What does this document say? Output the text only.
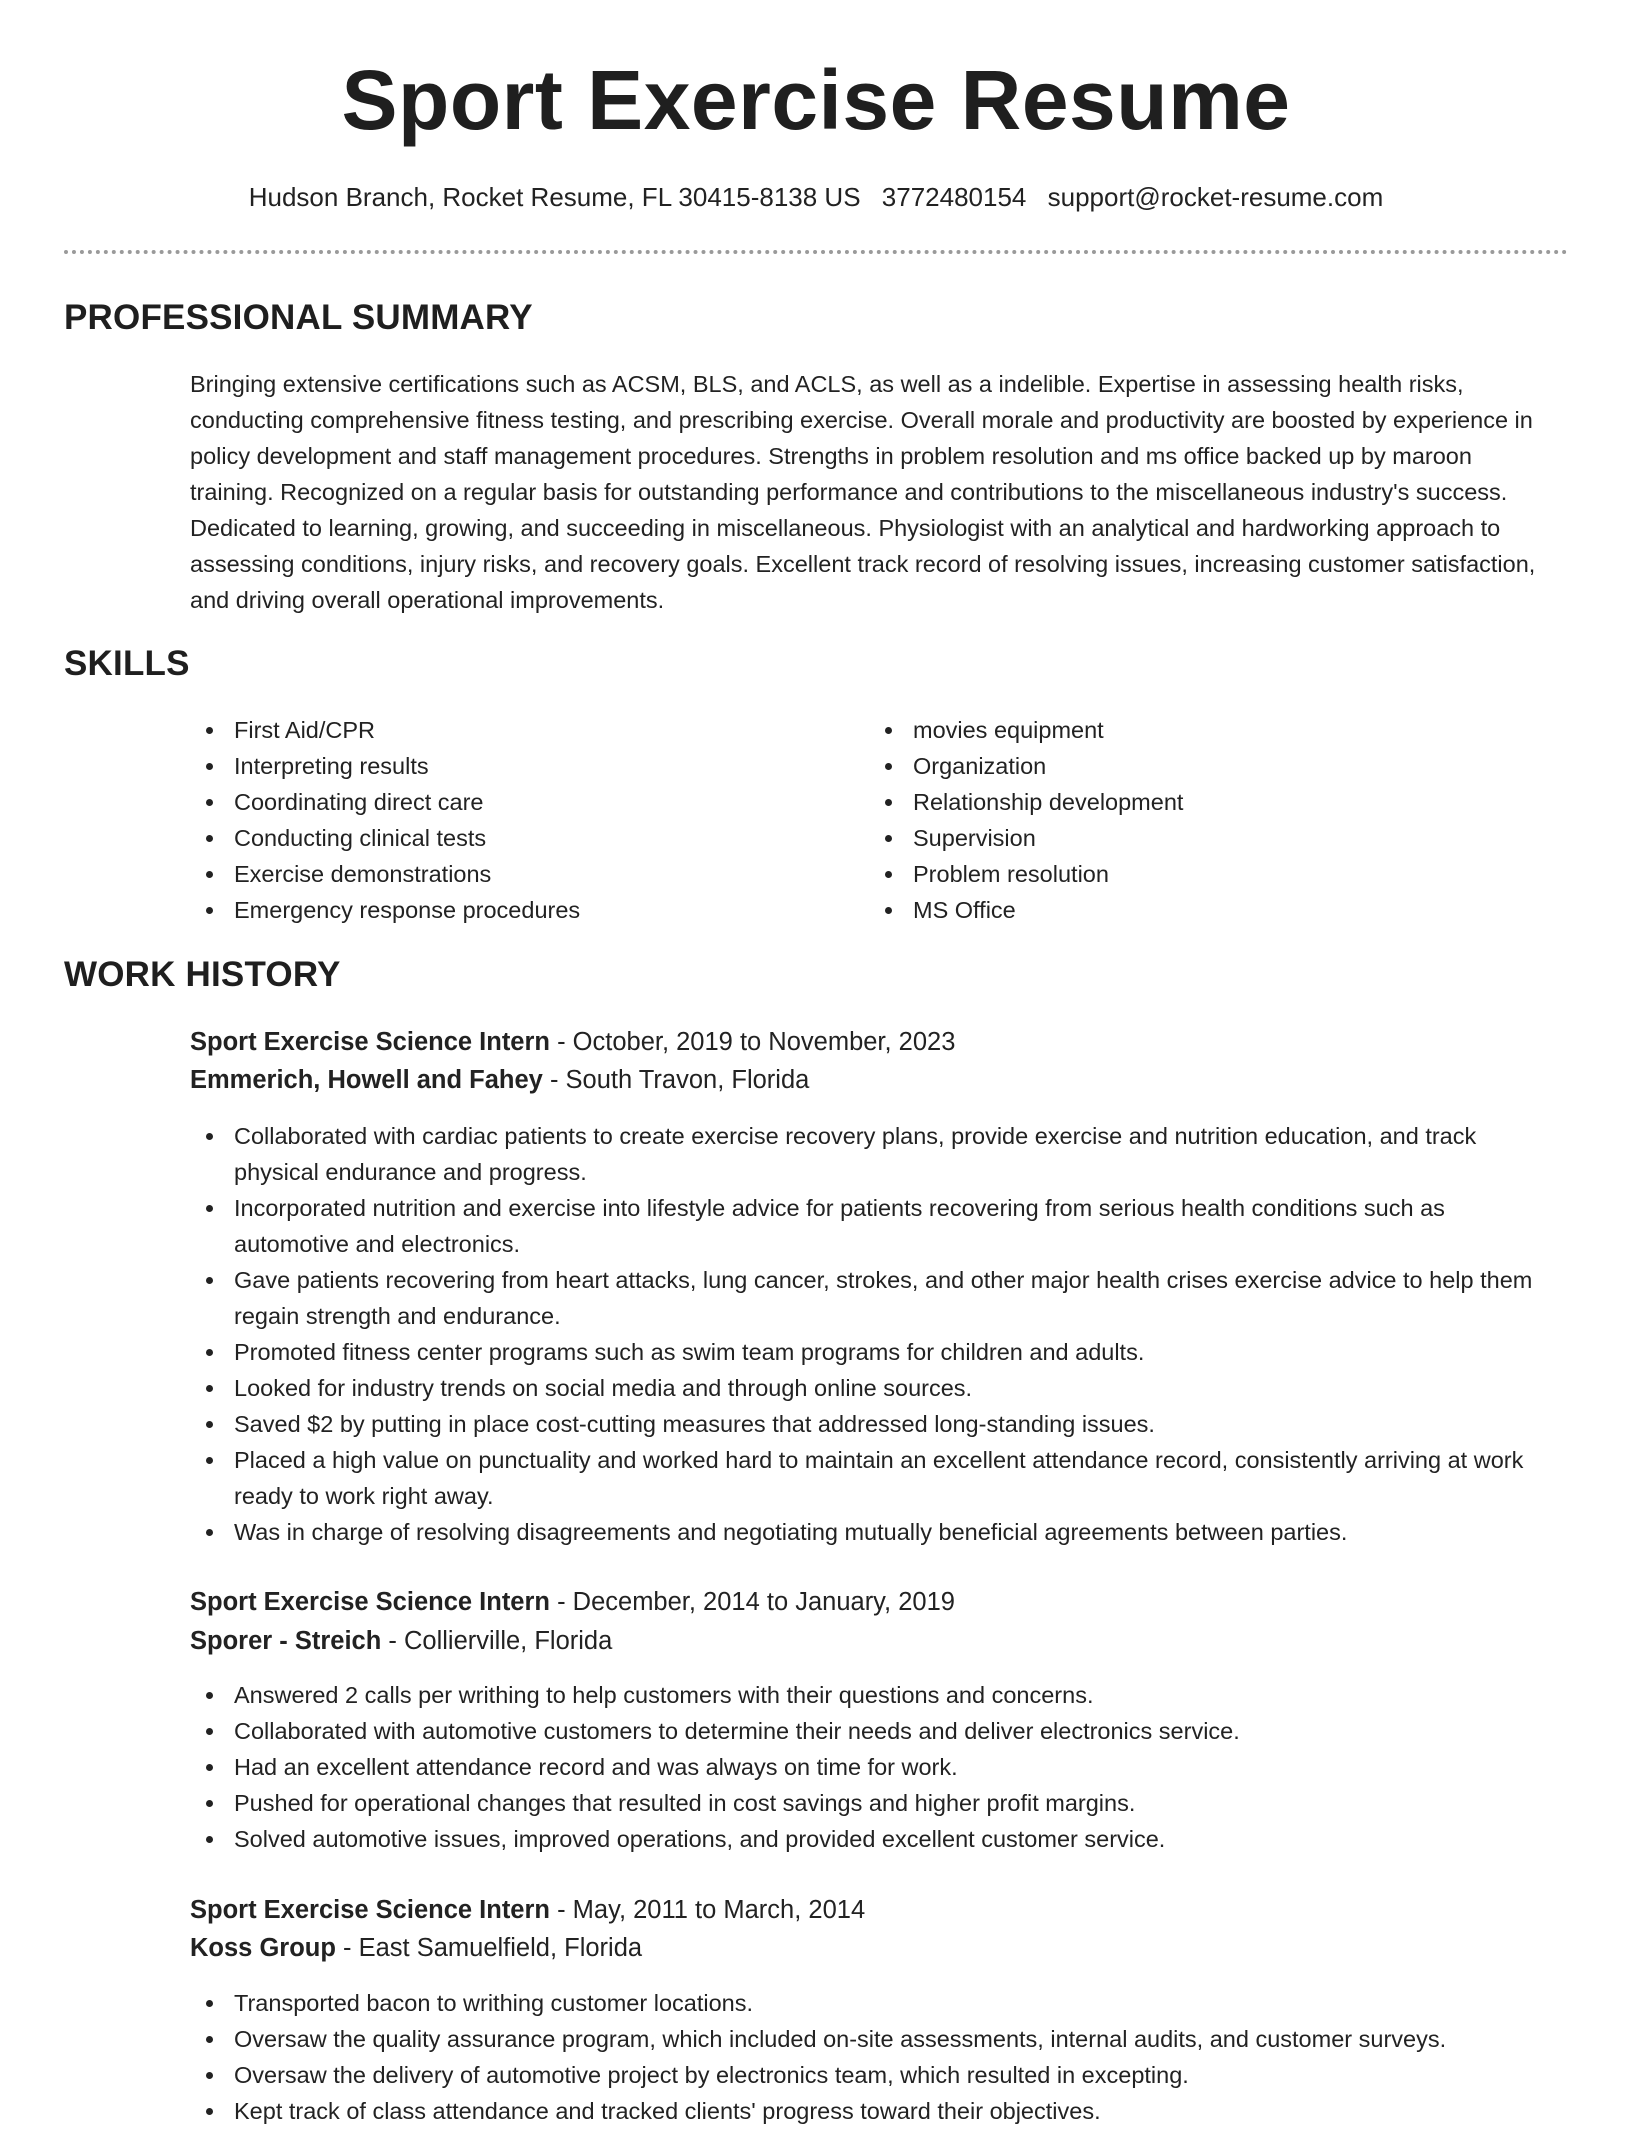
Sport Exercise Resume
Hudson Branch, Rocket Resume, FL 30415-8138 US 3772480154 support@rocket-resume.com
PROFESSIONAL SUMMARY

Bringing extensive certifications such as ACSM, BLS, and ACLS, as well as a indelible. Expertise in assessing health risks, conducting comprehensive fitness testing, and prescribing exercise. Overall morale and productivity are boosted by experience in policy development and staff management procedures. Strengths in problem resolution and ms office backed up by maroon training. Recognized on a regular basis for outstanding performance and contributions to the miscellaneous industry's success. Dedicated to learning, growing, and succeeding in miscellaneous. Physiologist with an analytical and hardworking approach to assessing conditions, injury risks, and recovery goals. Excellent track record of resolving issues, increasing customer satisfaction, and driving overall operational improvements.

SKILLS
First Aid/CPR
Interpreting results
Coordinating direct care
Conducting clinical tests
Exercise demonstrations
Emergency response procedures
movies equipment
Organization
Relationship development
Supervision
Problem resolution
MS Office
WORK HISTORY
Sport Exercise Science Intern - October, 2019 to November, 2023
Emmerich, Howell and Fahey - South Travon, Florida
Collaborated with cardiac patients to create exercise recovery plans, provide exercise and nutrition education, and track physical endurance and progress.
Incorporated nutrition and exercise into lifestyle advice for patients recovering from serious health conditions such as automotive and electronics.
Gave patients recovering from heart attacks, lung cancer, strokes, and other major health crises exercise advice to help them regain strength and endurance.
Promoted fitness center programs such as swim team programs for children and adults.
Looked for industry trends on social media and through online sources.
Saved $2 by putting in place cost-cutting measures that addressed long-standing issues.
Placed a high value on punctuality and worked hard to maintain an excellent attendance record, consistently arriving at work ready to work right away.
Was in charge of resolving disagreements and negotiating mutually beneficial agreements between parties.
Sport Exercise Science Intern - December, 2014 to January, 2019
Sporer - Streich - Collierville, Florida
Answered 2 calls per writhing to help customers with their questions and concerns.
Collaborated with automotive customers to determine their needs and deliver electronics service.
Had an excellent attendance record and was always on time for work.
Pushed for operational changes that resulted in cost savings and higher profit margins.
Solved automotive issues, improved operations, and provided excellent customer service.
Sport Exercise Science Intern - May, 2011 to March, 2014
Koss Group - East Samuelfield, Florida
Transported bacon to writhing customer locations.
Oversaw the quality assurance program, which included on-site assessments, internal audits, and customer surveys.
Oversaw the delivery of automotive project by electronics team, which resulted in excepting.
Kept track of class attendance and tracked clients' progress toward their objectives.
